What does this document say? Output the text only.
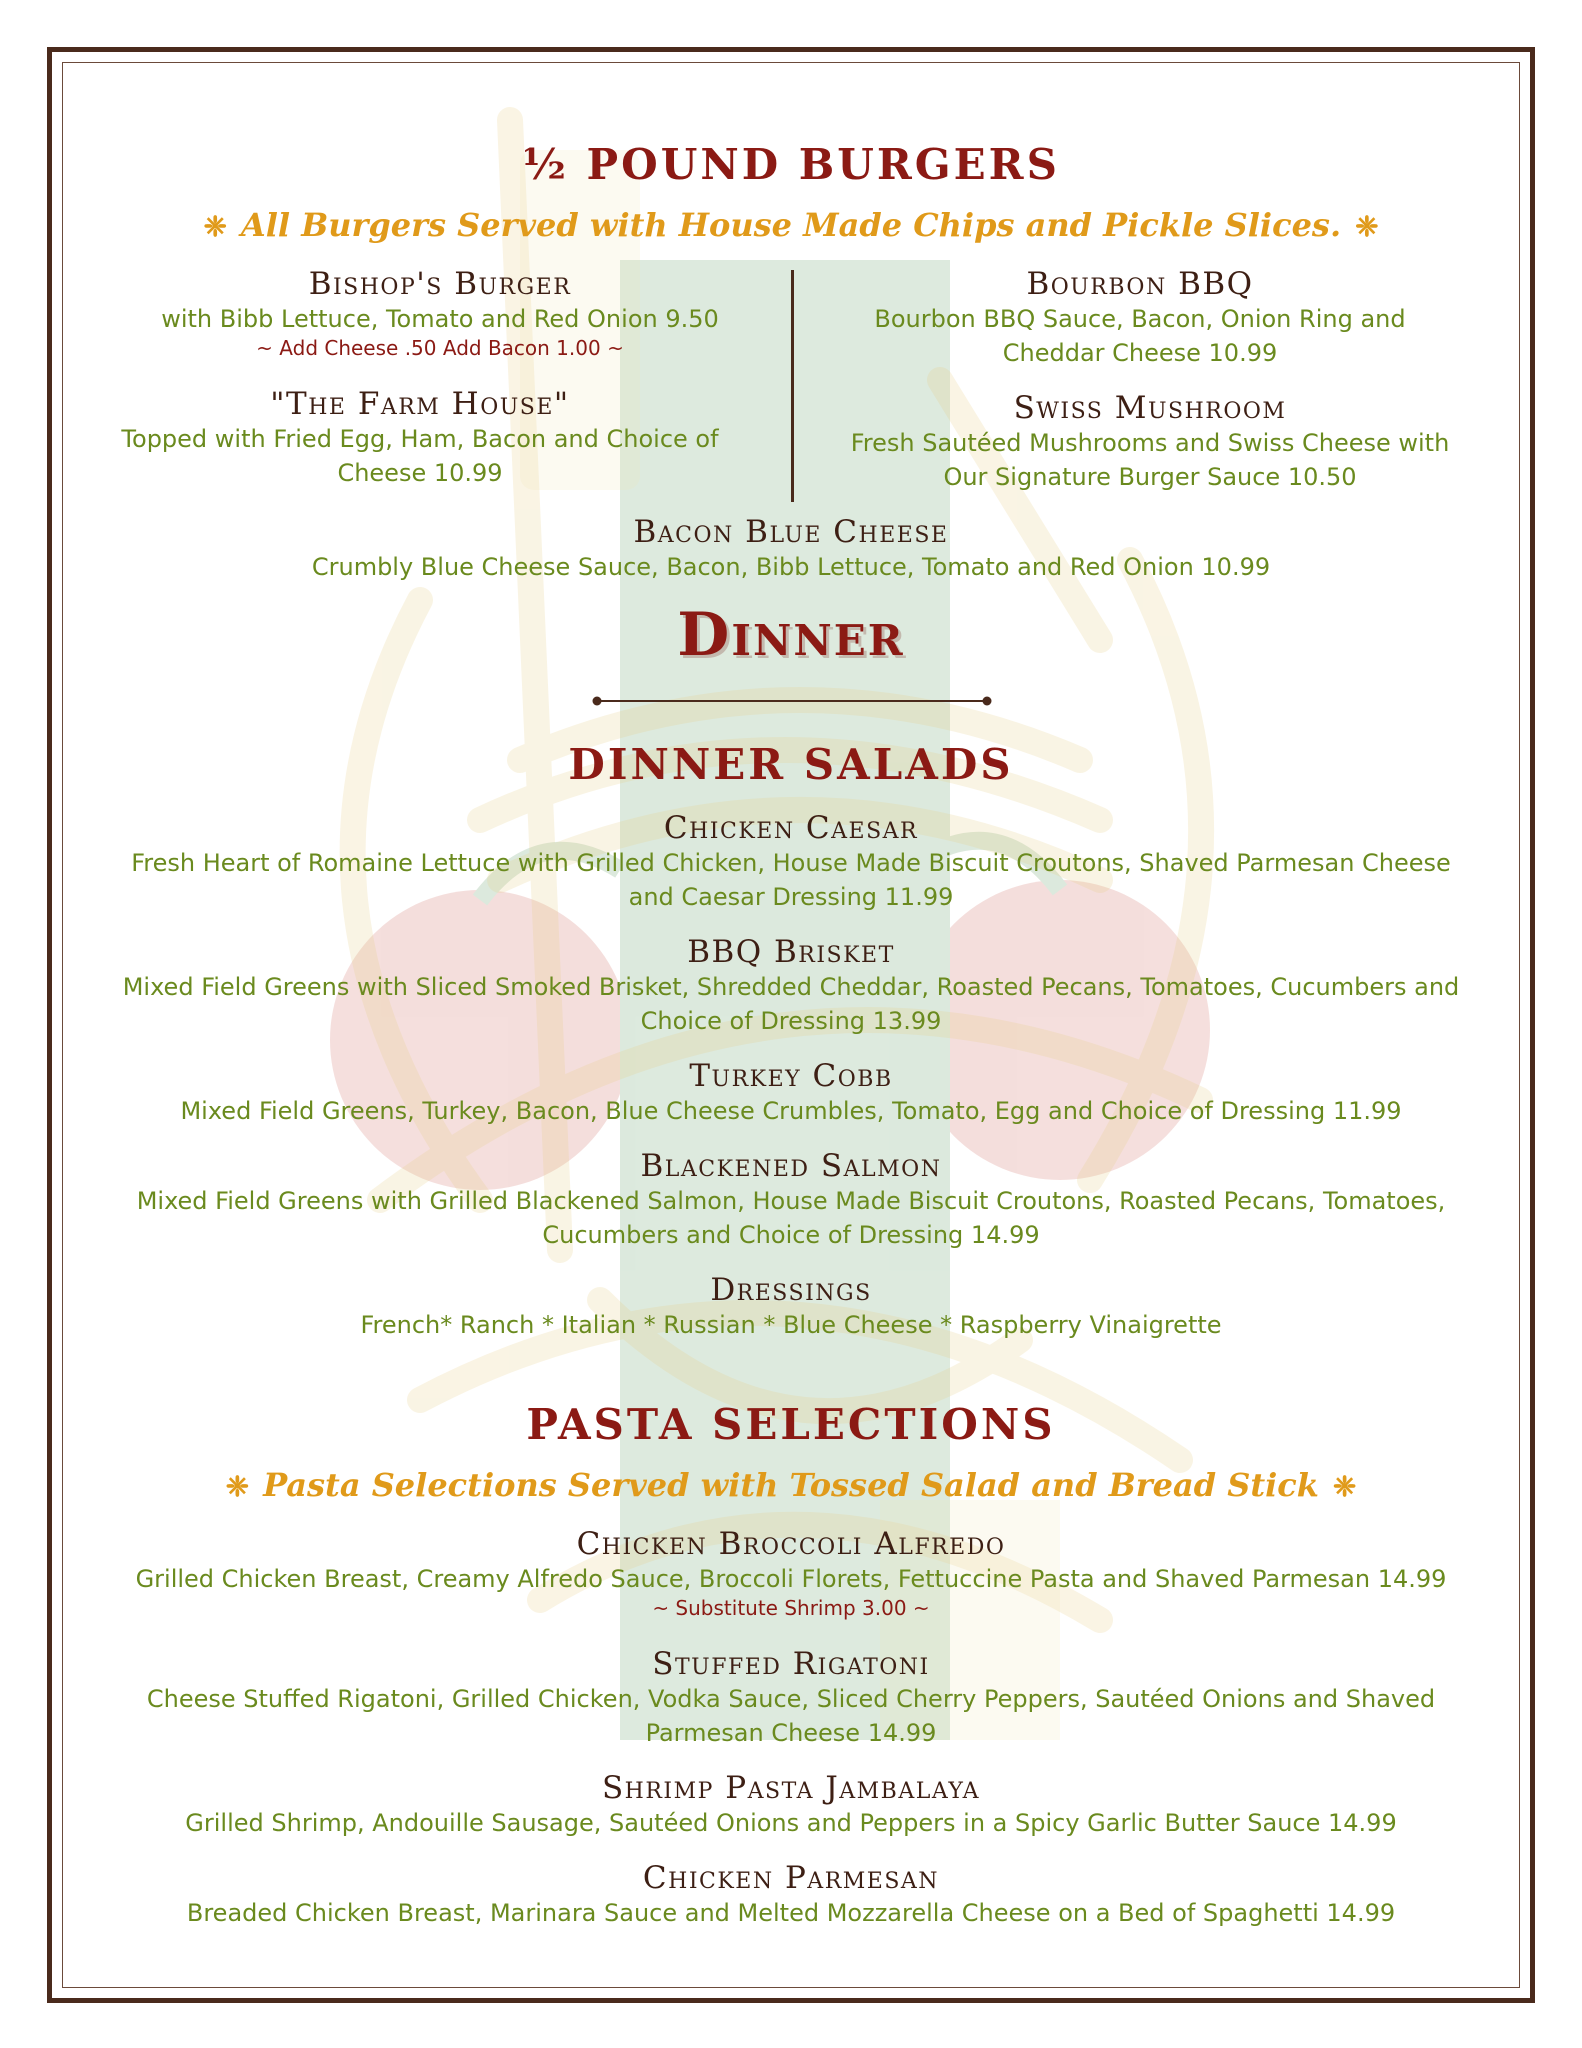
½ POUND BURGERS
❈ All Burgers Served with House Made Chips and Pickle Slices. ❈
Bishop's Burger
with Bibb Lettuce, Tomato and Red Onion 9.50
~ Add Cheese .50 Add Bacon 1.00 ~
"The Farm House"
Topped with Fried Egg, Ham, Bacon and Choice of Cheese 10.99
Bourbon BBQ
Bourbon BBQ Sauce, Bacon, Onion Ring and Cheddar Cheese 10.99
Swiss Mushroom
Fresh Sautéed Mushrooms and Swiss Cheese with Our Signature Burger Sauce 10.50
Bacon Blue Cheese
Crumbly Blue Cheese Sauce, Bacon, Bibb Lettuce, Tomato and Red Onion 10.99
Dinner
DINNER SALADS
Chicken Caesar
Fresh Heart of Romaine Lettuce with Grilled Chicken, House Made Biscuit Croutons, Shaved Parmesan Cheese and Caesar Dressing 11.99
BBQ Brisket
Mixed Field Greens with Sliced Smoked Brisket, Shredded Cheddar, Roasted Pecans, Tomatoes, Cucumbers and Choice of Dressing 13.99
Turkey Cobb
Mixed Field Greens, Turkey, Bacon, Blue Cheese Crumbles, Tomato, Egg and Choice of Dressing 11.99
Blackened Salmon
Mixed Field Greens with Grilled Blackened Salmon, House Made Biscuit Croutons, Roasted Pecans, Tomatoes, Cucumbers and Choice of Dressing 14.99
Dressings
French* Ranch * Italian * Russian * Blue Cheese * Raspberry Vinaigrette
PASTA SELECTIONS
❈ Pasta Selections Served with Tossed Salad and Bread Stick ❈
Chicken Broccoli Alfredo
Grilled Chicken Breast, Creamy Alfredo Sauce, Broccoli Florets, Fettuccine Pasta and Shaved Parmesan 14.99
~ Substitute Shrimp 3.00 ~
Stuffed Rigatoni
Cheese Stuffed Rigatoni, Grilled Chicken, Vodka Sauce, Sliced Cherry Peppers, Sautéed Onions and Shaved Parmesan Cheese 14.99
Shrimp Pasta Jambalaya
Grilled Shrimp, Andouille Sausage, Sautéed Onions and Peppers in a Spicy Garlic Butter Sauce 14.99
Chicken Parmesan
Breaded Chicken Breast, Marinara Sauce and Melted Mozzarella Cheese on a Bed of Spaghetti 14.99
